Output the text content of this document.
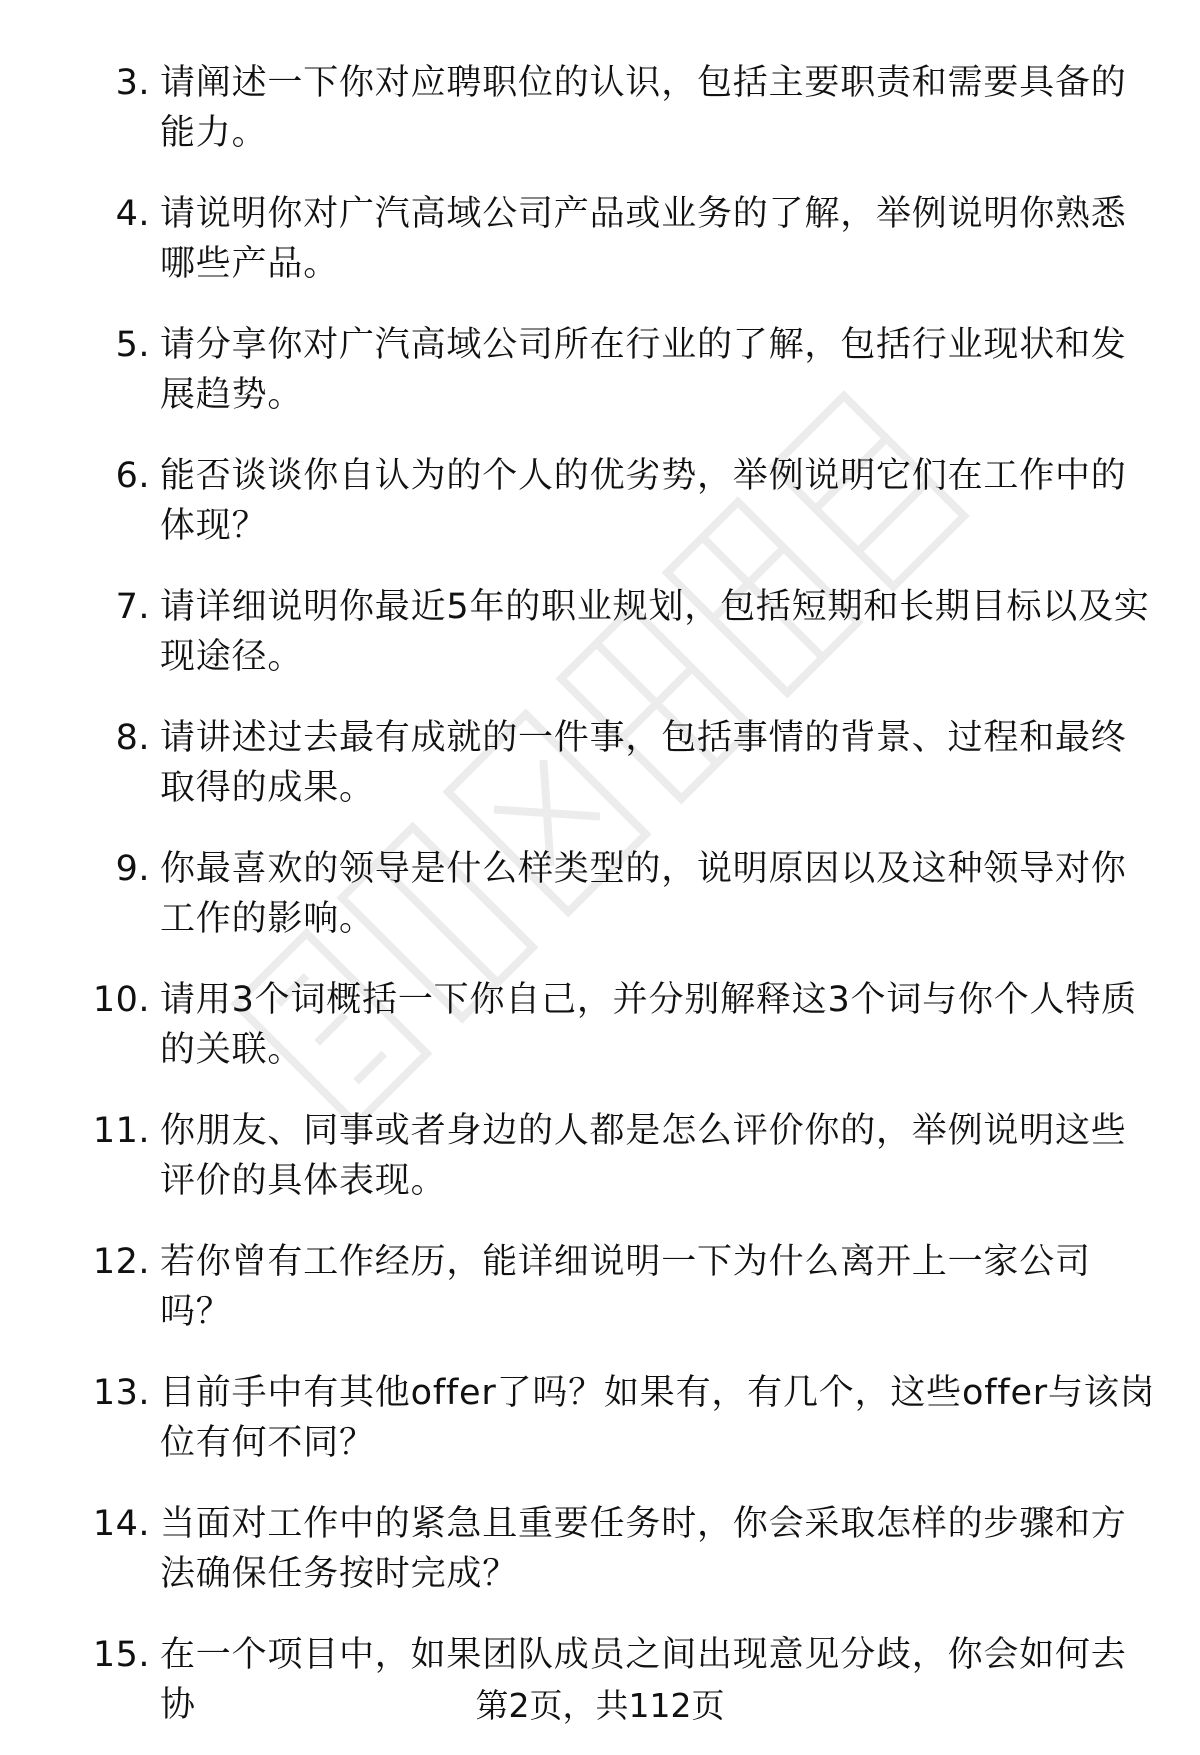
3. 请阐述一下你对应聘职位的认识，包括主要职责和需要具备的能力。
4. 请说明你对广汽高域公司产品或业务的了解，举例说明你熟悉哪些产品。
5. 请分享你对广汽高域公司所在行业的了解，包括行业现状和发展趋势。
6. 能否谈谈你自认为的个人的优劣势，举例说明它们在工作中的体现？
7. 请详细说明你最近5年的职业规划，包括短期和长期目标以及实现途径。
8. 请讲述过去最有成就的一件事，包括事情的背景、过程和最终取得的成果。
9. 你最喜欢的领导是什么样类型的，说明原因以及这种领导对你工作的影响。
10. 请用3个词概括一下你自己，并分别解释这3个词与你个人特质的关联。
11. 你朋友、同事或者身边的人都是怎么评价你的，举例说明这些评价的具体表现。
12. 若你曾有工作经历，能详细说明一下为什么离开上一家公司吗？
13. 目前手中有其他offer了吗？如果有，有几个，这些offer与该岗位有何不同？
14. 当面对工作中的紧急且重要任务时，你会采取怎样的步骤和方法确保任务按时完成？
15. 在一个项目中，如果团队成员之间出现意见分歧，你会如何去协	第2页，共112页
